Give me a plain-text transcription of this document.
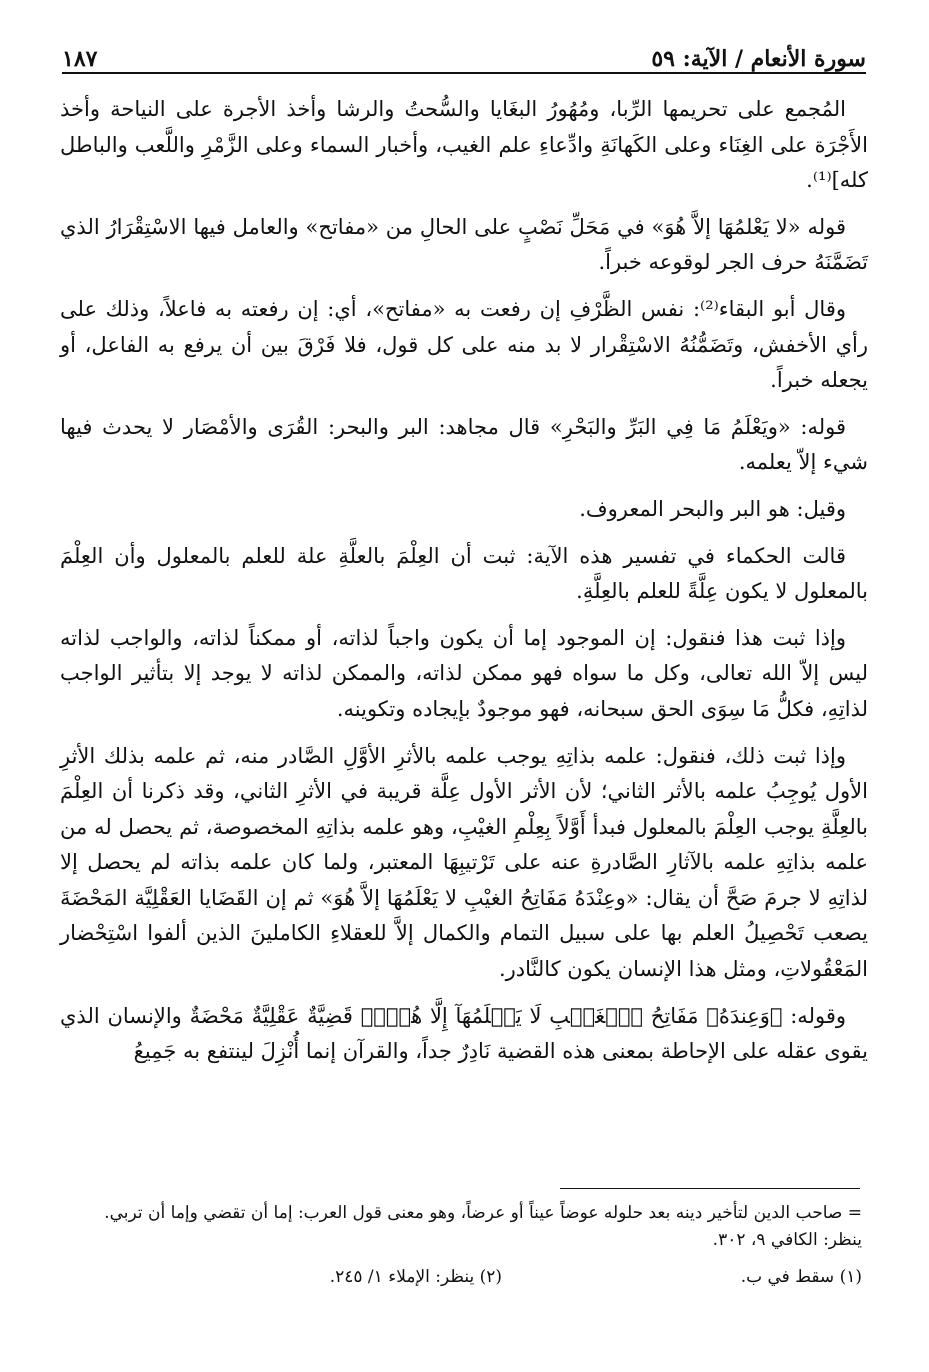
١٨٧	سورة الأنعام / الآية: ٥٩

المُجمع على تحريمها الرِّبا، ومُهُورُ البغَايا والسُّحتُ والرشا وأخذ الأجرة على النياحة وأخذ الأَجْرَة على الغِنَاء وعلى الكَهانَةِ وادِّعاءِ علم الغيب، وأخبار السماء وعلى الزَّمْرِ واللَّعب والباطل كله]⁽¹⁾.

قوله «لا يَعْلمُهَا إلاَّ هُوَ» في مَحَلِّ نَصْبٍ على الحالِ من «مفاتح» والعامل فيها الاسْتِقْرَارُ الذي تَضَمَّنَهُ حرف الجر لوقوعه خبراً.

وقال أبو البقاء⁽²⁾: نفس الظَّرْفِ إن رفعت به «مفاتح»، أي: إن رفعته به فاعلاً، وذلك على رأي الأخفش، وتَضَمُّنُهُ الاسْتِقْرار لا بد منه على كل قول، فلا فَرْقَ بين أن يرفع به الفاعل، أو يجعله خبراً.

قوله: «ويَعْلَمُ مَا فِي البَرِّ والبَحْرِ» قال مجاهد: البر والبحر: القُرَى والأمْصَار لا يحدث فيها شيء إلاّ يعلمه.

وقيل: هو البر والبحر المعروف.

قالت الحكماء في تفسير هذه الآية: ثبت أن العِلْمَ بالعلَّةِ علة للعلم بالمعلول وأن العِلْمَ بالمعلول لا يكون عِلَّةً للعلم بالعِلَّةِ.

وإذا ثبت هذا فنقول: إن الموجود إما أن يكون واجباً لذاته، أو ممكناً لذاته، والواجب لذاته ليس إلاّ الله تعالى، وكل ما سواه فهو ممكن لذاته، والممكن لذاته لا يوجد إلا بتأثير الواجب لذاتِهِ، فكلُّ مَا سِوَى الحق سبحانه، فهو موجودٌ بإيجاده وتكوينه.

وإذا ثبت ذلك، فنقول: علمه بذاتِهِ يوجب علمه بالأثرِ الأوَّلِ الصَّادر منه، ثم علمه بذلك الأثرِ الأول يُوجِبُ علمه بالأثر الثاني؛ لأن الأثر الأول عِلَّة قريبة في الأثرِ الثاني، وقد ذكرنا أن العِلْمَ بالعِلَّةِ يوجب العِلْمَ بالمعلول فبدأ أَوَّلاً بِعِلْمِ الغيْبِ، وهو علمه بذاتِهِ المخصوصة، ثم يحصل له من علمه بذاتِهِ علمه بالآثارِ الصَّادرةِ عنه على تَرْتيبِهَا المعتبر، ولما كان علمه بذاته لم يحصل إلا لذاتِهِ لا جرمَ صَحَّ أن يقال: «وعِنْدَهُ مَفَاتِحُ الغيْبِ لا يَعْلَمُهَا إلاَّ هُوَ» ثم إن القَضَايا العَقْلِيَّة المَحْضَةَ يصعب تَحْصِيلُ العلم بها على سبيل التمام والكمال إلاَّ للعقلاءِ الكاملينَ الذين ألفوا اسْتِحْضار المَعْقُولاتِ، ومثل هذا الإنسان يكون كالنَّادر.

وقوله: ﴿وَعِندَهُۥ مَفَاتِحُ ٱلۡغَيۡبِ لَا يَعۡلَمُهَآ إِلَّا هُوَۚ﴾ قَضِيَّةٌ عَقْلِيَّةٌ مَحْضَةٌ والإنسان الذي يقوى عقله على الإحاطة بمعنى هذه القضية نَادِرٌ جداً، والقرآن إنما أُنْزِلَ لينتفع به جَمِيعُ

= صاحب الدين لتأخير دينه بعد حلوله عوضاً عيناً أو عرضاً، وهو معنى قول العرب: إما أن تقضي وإما أن تربي. ينظر: الكافي ٩، ٣٠٢.

(١) سقط في ب.
(٢) ينظر: الإملاء ١/ ٢٤٥.
